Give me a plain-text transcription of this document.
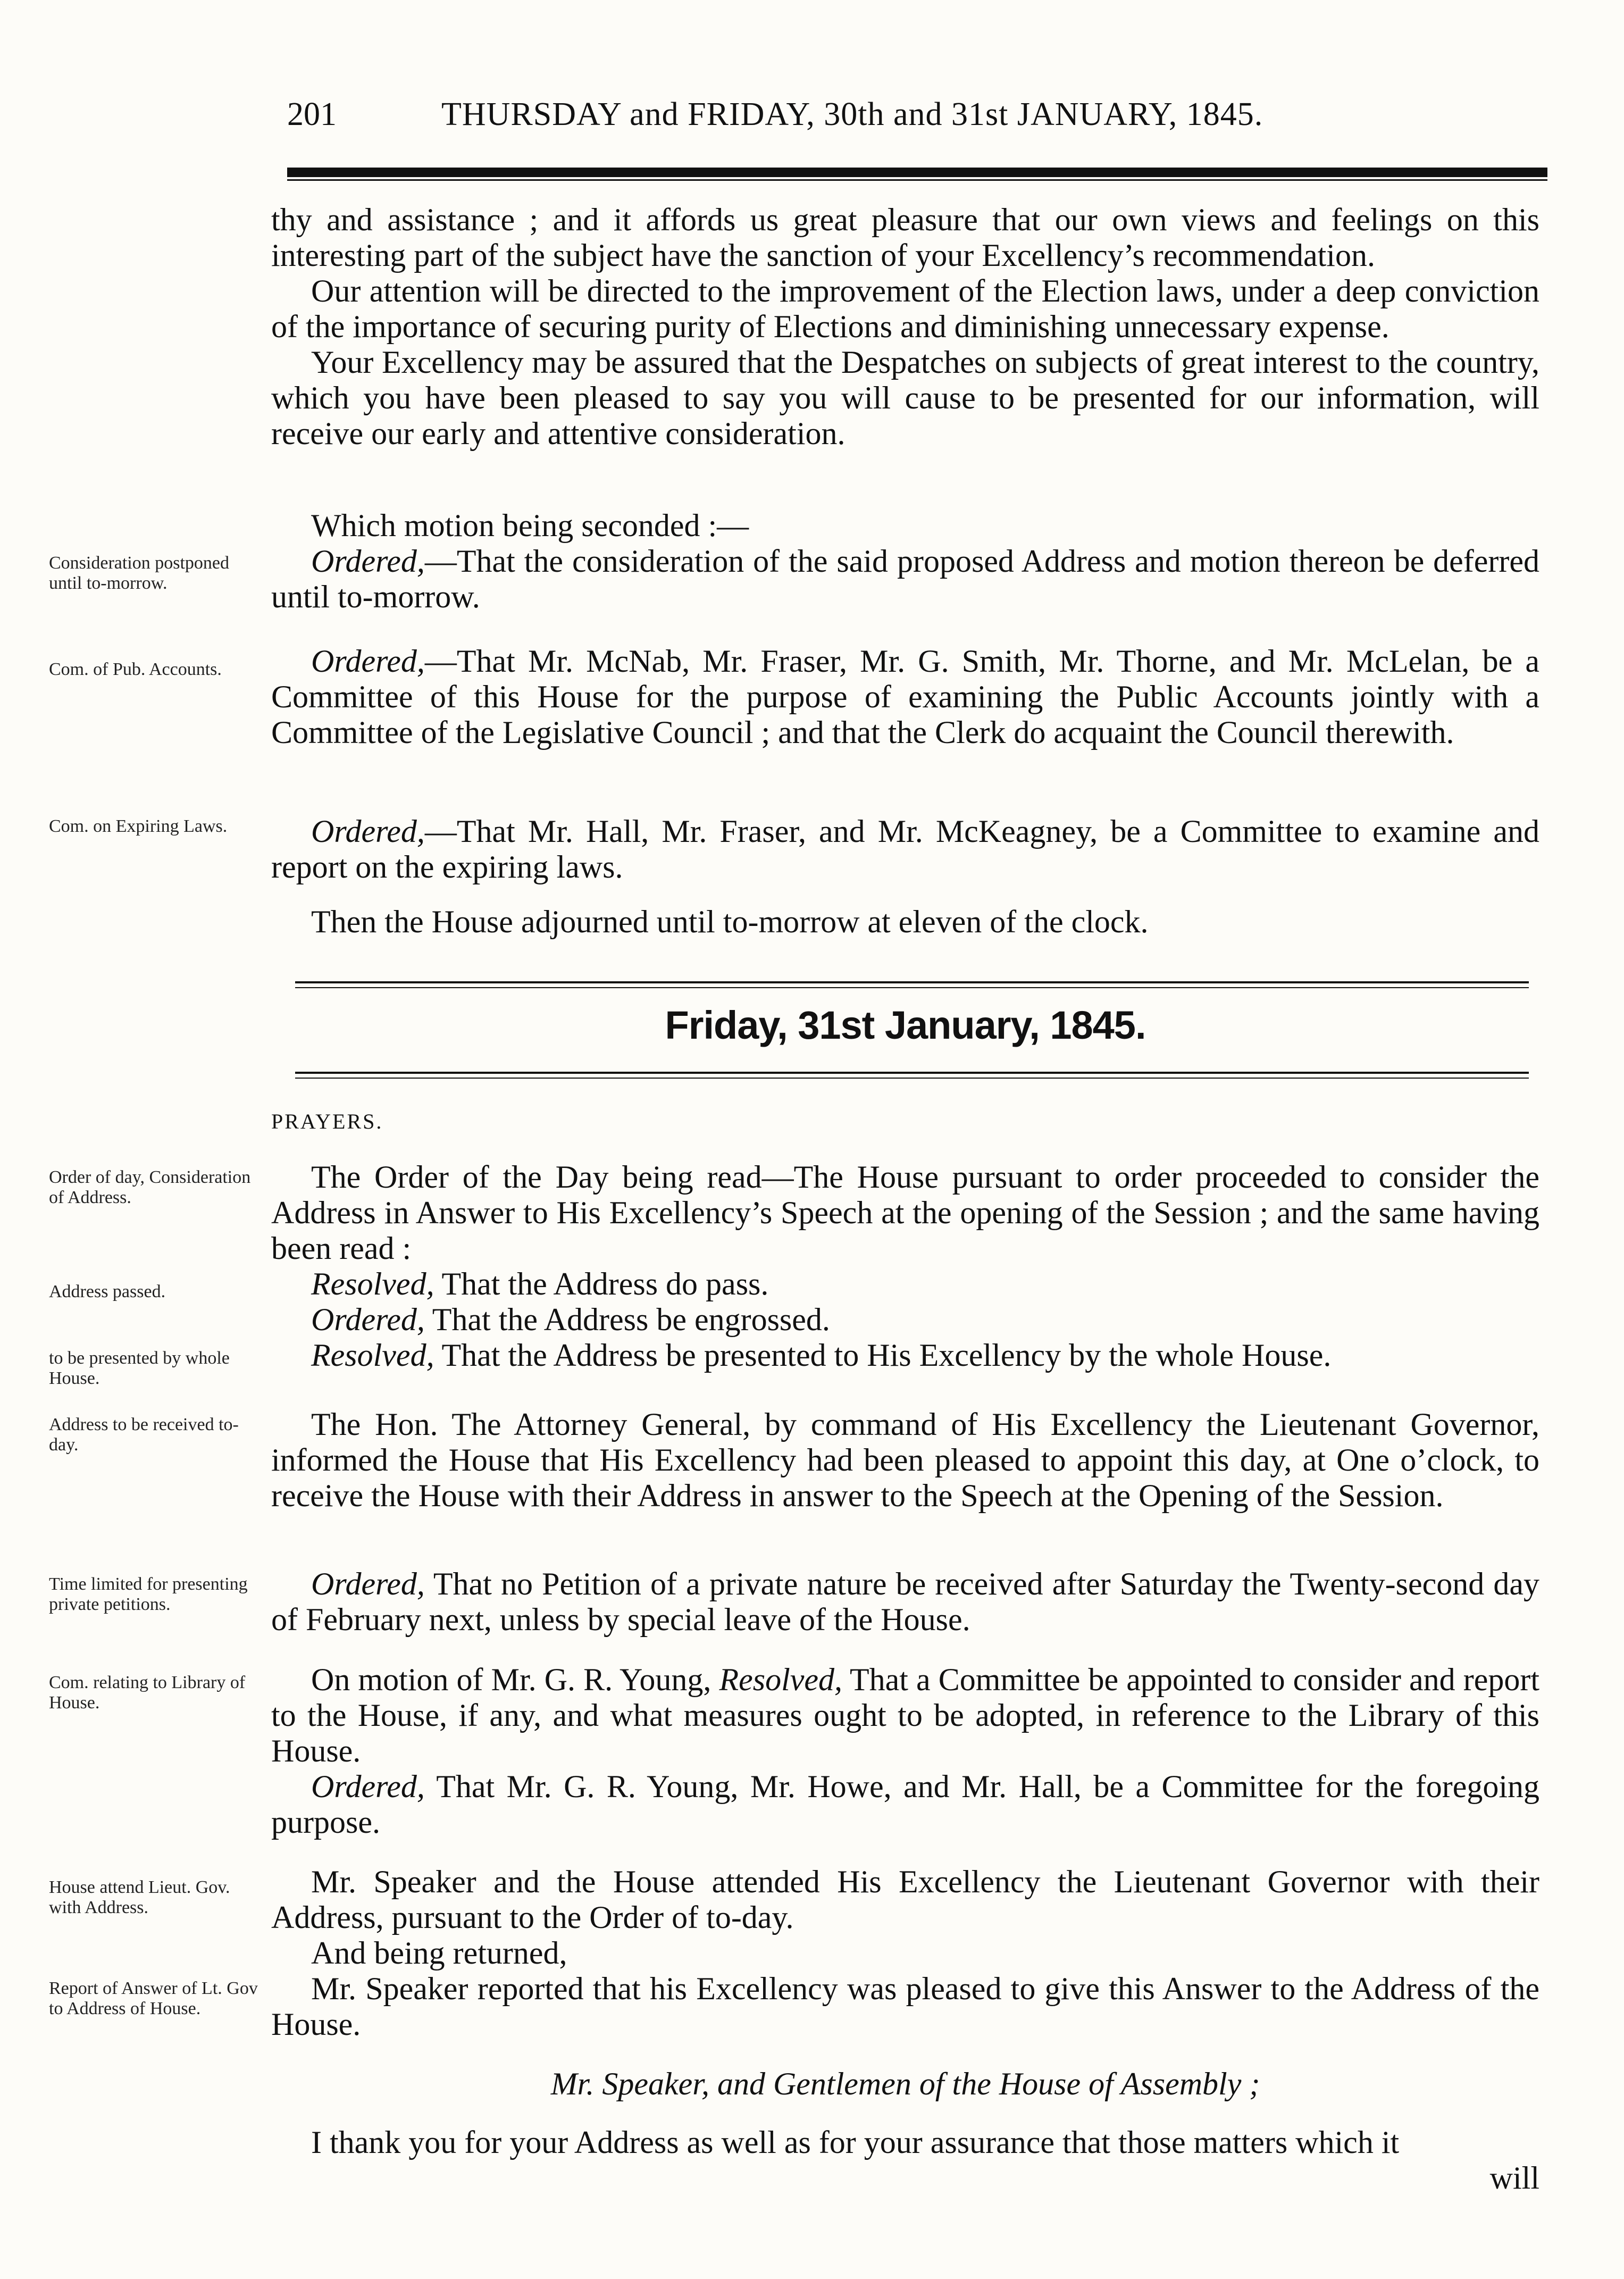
201	THURSDAY and FRIDAY, 30th and 31st JANUARY, 1845.

thy and assistance ; and it affords us great pleasure that our own views and feelings on this interesting part of the subject have the sanction of your Excellency’s recommendation.

Our attention will be directed to the improvement of the Election laws, under a deep conviction of the importance of securing purity of Elections and diminishing unnecessary expense.

Your Excellency may be assured that the Despatches on subjects of great interest to the country, which you have been pleased to say you will cause to be presented for our information, will receive our early and attentive consideration.

Which motion being seconded :—

Ordered,—That the consideration of the said proposed Address and motion thereon be deferred until to-morrow.

Ordered,—That Mr. McNab, Mr. Fraser, Mr. G. Smith, Mr. Thorne, and Mr. McLelan, be a Committee of this House for the purpose of examining the Public Accounts jointly with a Committee of the Legislative Council ; and that the Clerk do acquaint the Council therewith.

Ordered,—That Mr. Hall, Mr. Fraser, and Mr. McKeagney, be a Committee to examine and report on the expiring laws.

Then the House adjourned until to-morrow at eleven of the clock.

Consideration postponed until to-morrow.
Com. of Pub. Accounts.
Com. on Expiring Laws.
Friday, 31st January, 1845.
PRAYERS.
Order of day, Consideration of Address.
Address passed.
to be presented by whole House.
Address to be received to-day.
Time limited for presenting private petitions.
Com. relating to Library of House.
House attend Lieut. Gov. with Address.
Report of Answer of Lt. Gov to Address of House.

The Order of the Day being read—The House pursuant to order proceeded to consider the Address in Answer to His Excellency’s Speech at the opening of the Session ; and the same having been read :

Resolved, That the Address do pass.

Ordered, That the Address be engrossed.

Resolved, That the Address be presented to His Excellency by the whole House.

The Hon. The Attorney General, by command of His Excellency the Lieutenant Governor, informed the House that His Excellency had been pleased to appoint this day, at One o’clock, to receive the House with their Address in answer to the Speech at the Opening of the Session.

Ordered, That no Petition of a private nature be received after Saturday the Twenty-second day of February next, unless by special leave of the House.

On motion of Mr. G. R. Young, Resolved, That a Committee be appointed to consider and report to the House, if any, and what measures ought to be adopted, in reference to the Library of this House.

Ordered, That Mr. G. R. Young, Mr. Howe, and Mr. Hall, be a Committee for the foregoing purpose.

Mr. Speaker and the House attended His Excellency the Lieutenant Governor with their Address, pursuant to the Order of to-day.

And being returned,

Mr. Speaker reported that his Excellency was pleased to give this Answer to the Address of the House.

Mr. Speaker, and Gentlemen of the House of Assembly ;

I thank you for your Address as well as for your assurance that those matters which it

will
